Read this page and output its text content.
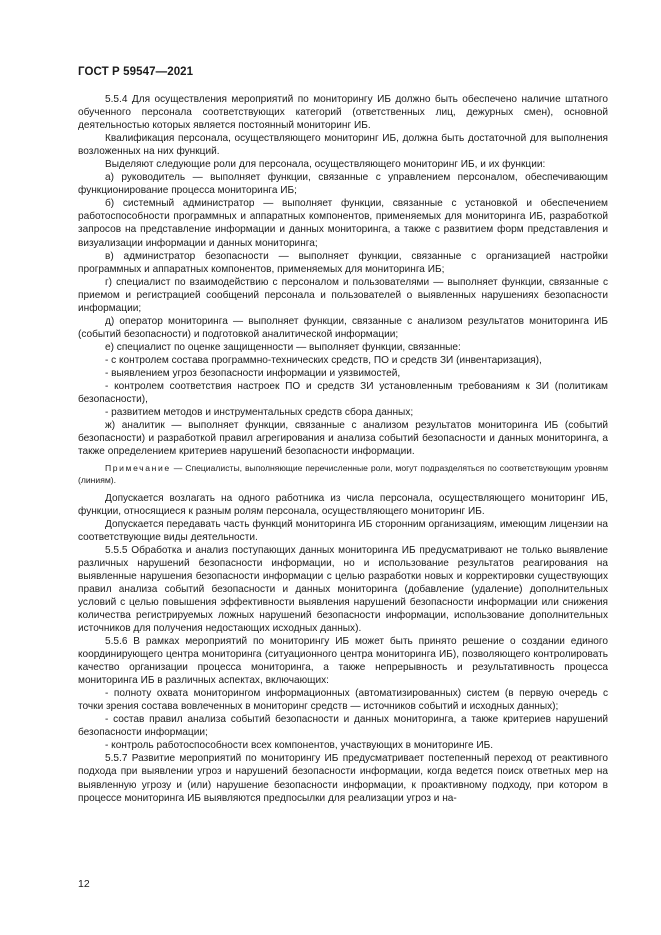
ГОСТ Р 59547—2021

5.5.4 Для осуществления мероприятий по мониторингу ИБ должно быть обеспечено наличие штатного обученного персонала соответствующих категорий (ответственных лиц, дежурных смен), основной деятельностью которых является постоянный мониторинг ИБ.

Квалификация персонала, осуществляющего мониторинг ИБ, должна быть достаточной для выполнения возложенных на них функций.

Выделяют следующие роли для персонала, осуществляющего мониторинг ИБ, и их функции:

а) руководитель — выполняет функции, связанные с управлением персоналом, обеспечивающим функционирование процесса мониторинга ИБ;

б) системный администратор — выполняет функции, связанные с установкой и обеспечением работоспособности программных и аппаратных компонентов, применяемых для мониторинга ИБ, разработкой запросов на представление информации и данных мониторинга, а также с развитием форм представления и визуализации информации и данных мониторинга;

в) администратор безопасности — выполняет функции, связанные с организацией настройки программных и аппаратных компонентов, применяемых для мониторинга ИБ;

г) специалист по взаимодействию с персоналом и пользователями — выполняет функции, связанные с приемом и регистрацией сообщений персонала и пользователей о выявленных нарушениях безопасности информации;

д) оператор мониторинга — выполняет функции, связанные с анализом результатов мониторинга ИБ (событий безопасности) и подготовкой аналитической информации;

е) специалист по оценке защищенности — выполняет функции, связанные:

- с контролем состава программно-технических средств, ПО и средств ЗИ (инвентаризация),

- выявлением угроз безопасности информации и уязвимостей,

- контролем соответствия настроек ПО и средств ЗИ установленным требованиям к ЗИ (политикам безопасности),

- развитием методов и инструментальных средств сбора данных;

ж) аналитик — выполняет функции, связанные с анализом результатов мониторинга ИБ (событий безопасности) и разработкой правил агрегирования и анализа событий безопасности и данных мониторинга, а также определением критериев нарушений безопасности информации.

Примечание — Специалисты, выполняющие перечисленные роли, могут подразделяться по соответствующим уровням (линиям).

Допускается возлагать на одного работника из числа персонала, осуществляющего мониторинг ИБ, функции, относящиеся к разным ролям персонала, осуществляющего мониторинг ИБ.

Допускается передавать часть функций мониторинга ИБ сторонним организациям, имеющим лицензии на соответствующие виды деятельности.

5.5.5 Обработка и анализ поступающих данных мониторинга ИБ предусматривают не только выявление различных нарушений безопасности информации, но и использование результатов реагирования на выявленные нарушения безопасности информации с целью разработки новых и корректировки существующих правил анализа событий безопасности и данных мониторинга (добавление (удаление) дополнительных условий с целью повышения эффективности выявления нарушений безопасности информации или снижения количества регистрируемых ложных нарушений безопасности информации, использование дополнительных источников для получения недостающих исходных данных).

5.5.6 В рамках мероприятий по мониторингу ИБ может быть принято решение о создании единого координирующего центра мониторинга (ситуационного центра мониторинга ИБ), позволяющего контролировать качество организации процесса мониторинга, а также непрерывность и результативность процесса мониторинга ИБ в различных аспектах, включающих:

- полноту охвата мониторингом информационных (автоматизированных) систем (в первую очередь с точки зрения состава вовлеченных в мониторинг средств — источников событий и исходных данных);

- состав правил анализа событий безопасности и данных мониторинга, а также критериев нарушений безопасности информации;

- контроль работоспособности всех компонентов, участвующих в мониторинге ИБ.

5.5.7 Развитие мероприятий по мониторингу ИБ предусматривает постепенный переход от реактивного подхода при выявлении угроз и нарушений безопасности информации, когда ведется поиск ответных мер на выявленную угрозу и (или) нарушение безопасности информации, к проактивному подходу, при котором в процессе мониторинга ИБ выявляются предпосылки для реализации угроз и на-

12
